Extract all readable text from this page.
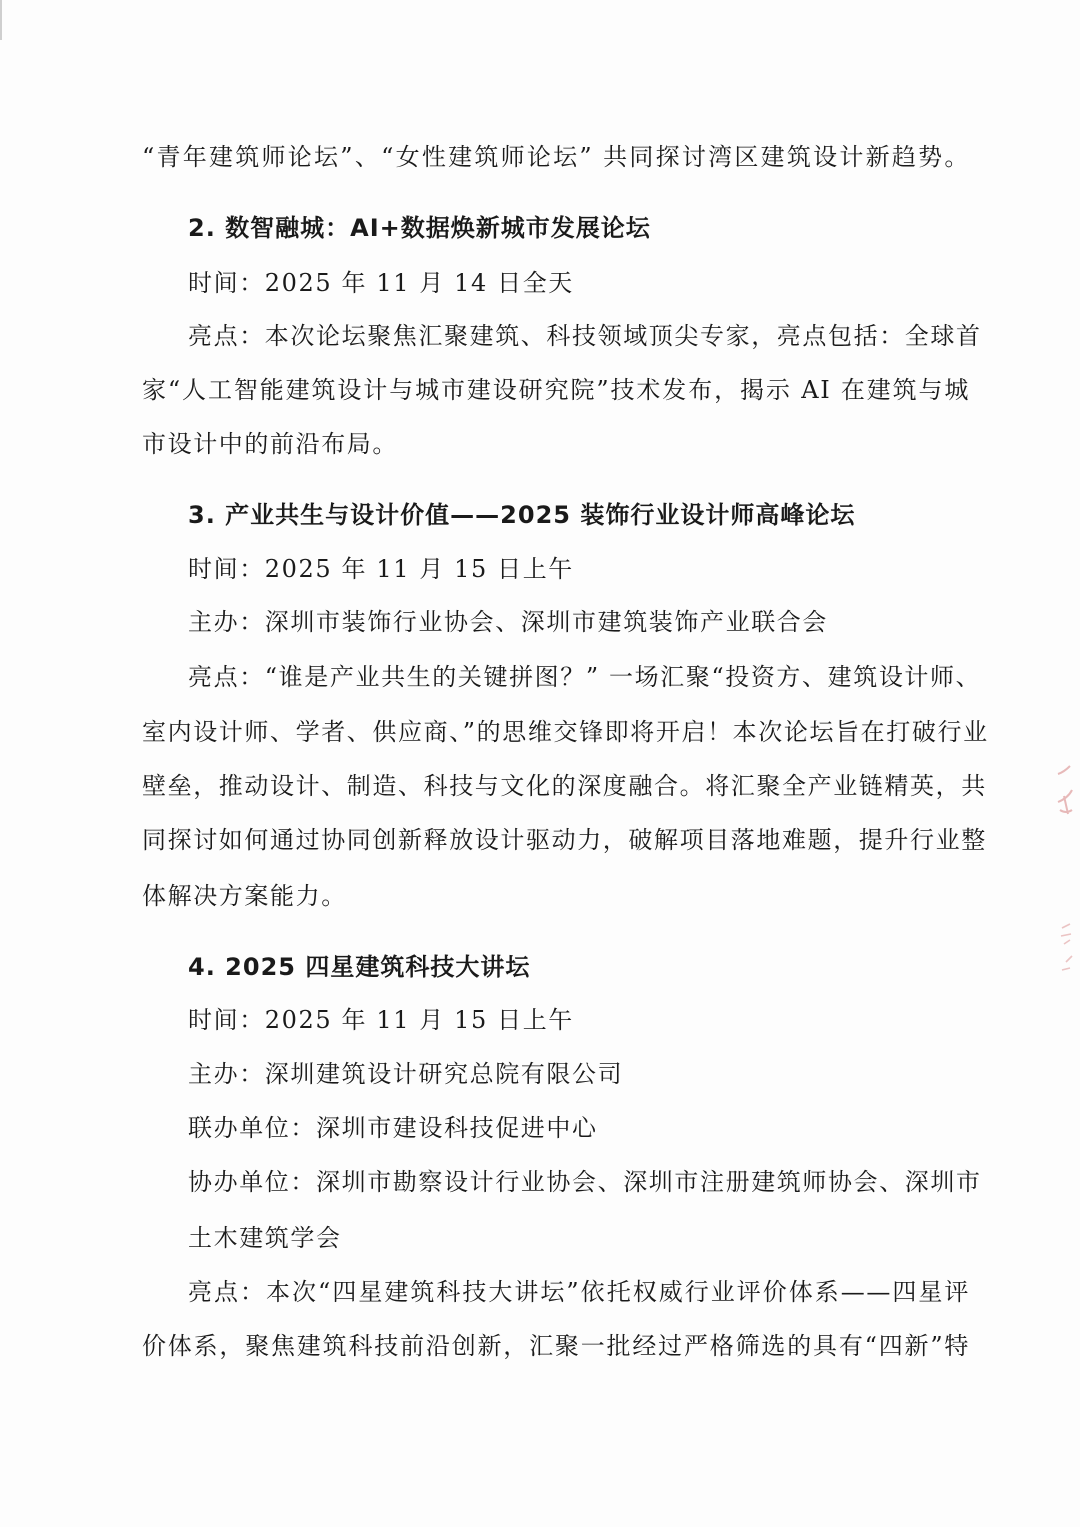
“青年建筑师论坛”、“女性建筑师论坛” 共同探讨湾区建筑设计新趋势。
2. 数智融城：AI+数据焕新城市发展论坛
时间：2025 年 11 月 14 日全天
亮点：本次论坛聚焦汇聚建筑、科技领域顶尖专家，亮点包括：全球首
家“人工智能建筑设计与城市建设研究院”技术发布，揭示 AI 在建筑与城
市设计中的前沿布局。
3. 产业共生与设计价值——2025 装饰行业设计师高峰论坛
时间：2025 年 11 月 15 日上午
主办：深圳市装饰行业协会、深圳市建筑装饰产业联合会
亮点：“谁是产业共生的关键拼图？” 一场汇聚“投资方、建筑设计师、
室内设计师、学者、供应商、”的思维交锋即将开启！本次论坛旨在打破行业
壁垒，推动设计、制造、科技与文化的深度融合。将汇聚全产业链精英，共
同探讨如何通过协同创新释放设计驱动力，破解项目落地难题，提升行业整
体解决方案能力。
4. 2025 四星建筑科技大讲坛
时间：2025 年 11 月 15 日上午
主办：深圳建筑设计研究总院有限公司
联办单位：深圳市建设科技促进中心
协办单位：深圳市勘察设计行业协会、深圳市注册建筑师协会、深圳市
土木建筑学会
亮点：本次“四星建筑科技大讲坛”依托权威行业评价体系——四星评
价体系，聚焦建筑科技前沿创新，汇聚一批经过严格筛选的具有“四新”特
